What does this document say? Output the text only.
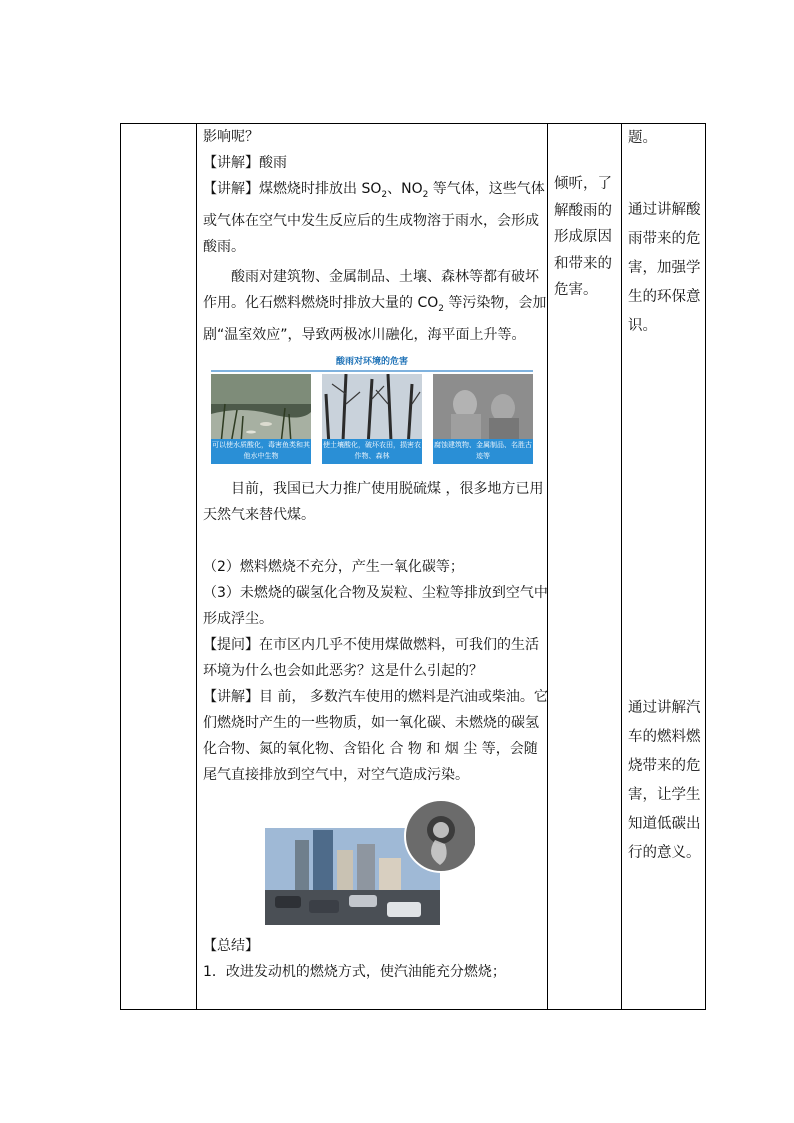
影响呢？

【讲解】酸雨

【讲解】煤燃烧时排放出 $SO_2$、$NO_2$ 等气体，这些气体或气体在空气中发生反应后的生成物溶于雨水，会形成酸雨。

酸雨对建筑物、金属制品、土壤、森林等都有破坏作用。化石燃料燃烧时排放大量的 $CO_2$ 等污染物，会加剧“温室效应”，导致两极冰川融化，海平面上升等。

酸雨对环境的危害
可以使水质酸化，毒害鱼类和其他水中生物
使土壤酸化，破坏农田，损害农作物、森林
腐蚀建筑物、金属制品、名胜古迹等

目前，我国已大力推广使用脱硫煤 ，很多地方已用天然气来替代煤。

（2）燃料燃烧不充分，产生一氧化碳等；

（3）未燃烧的碳氢化合物及炭粒、尘粒等排放到空气中形成浮尘。

【提问】在市区内几乎不使用煤做燃料，可我们的生活环境为什么也会如此恶劣？这是什么引起的？

【讲解】目 前， 多数汽车使用的燃料是汽油或柴油。它们燃烧时产生的一些物质，如一氧化碳、未燃烧的碳氢化合物、氮的氧化物、含铅化 合 物 和 烟 尘 等，会随尾气直接排放到空气中，对空气造成污染。

【总结】

1．改进发动机的燃烧方式，使汽油能充分燃烧；

倾听，了解酸雨的形成原因和带来的危害。
题。
通过讲解酸雨带来的危害，加强学生的环保意识。
通过讲解汽车的燃料燃烧带来的危害，让学生知道低碳出行的意义。
